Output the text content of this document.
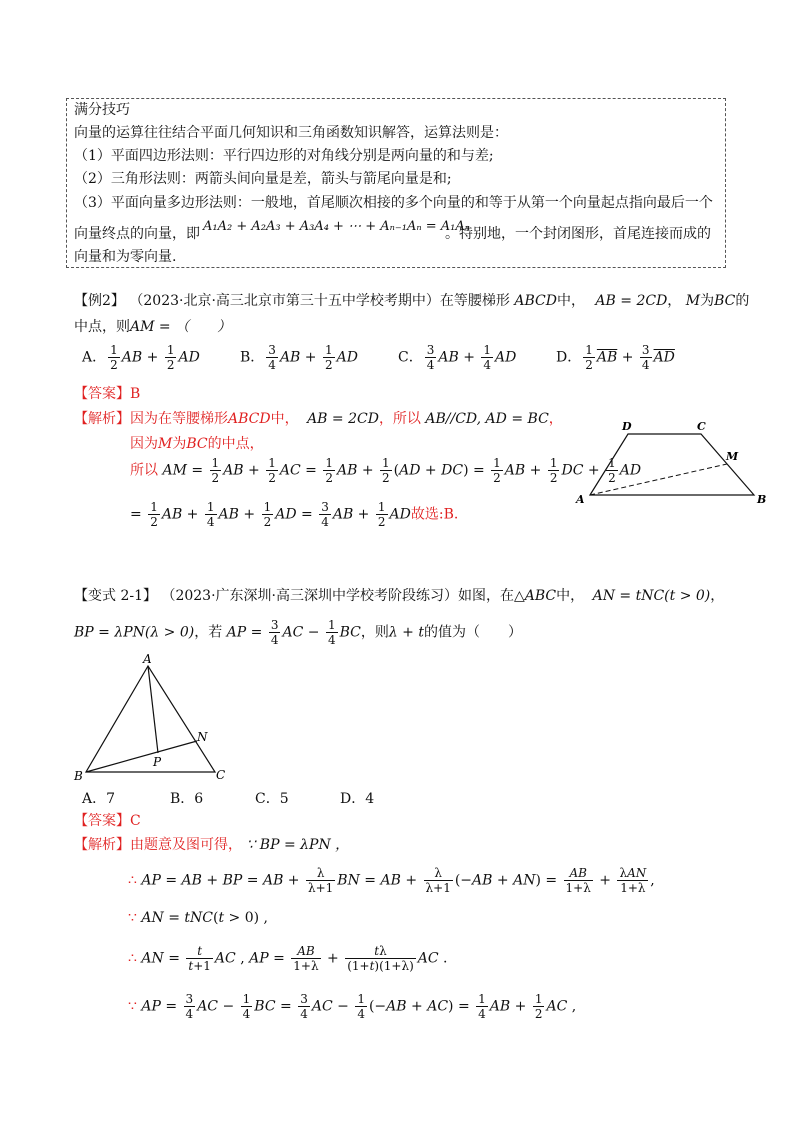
满分技巧
向量的运算往往结合平面几何知识和三角函数知识解答，运算法则是：
（1）平面四边形法则：平行四边形的对角线分别是两向量的和与差;
（2）三角形法则：两箭头间向量是差，箭头与箭尾向量是和;
（3）平面向量多边形法则：一般地，首尾顺次相接的多个向量的和等于从第一个向量起点指向最后一个
向量终点的向量，即 A₁A₂ + A₂A₃ + A₃A₄ + ⋯ + Aₙ₋₁Aₙ = A₁Aₙ
。特别地，一个封闭图形，首尾连接而成的
向量和为零向量.
【例2】 （2023·北京·高三北京市第三十五中学校考期中）在等腰梯形 ABCD中， AB = 2CD， M为BC的
中点，则AM = （　　）
A． $\frac{1}{2}$ AB + $\frac{1}{2}$ AD	B． $\frac{3}{4}$ AB + $\frac{1}{2}$ AD	C． $\frac{3}{4}$ AB + $\frac{1}{4}$ AD	D． $\frac{1}{2} \overline{AB} + \frac{3}{4} \overline{AD}$
【答案】B
【解析】因为在等腰梯形ABCD中， AB = 2CD，所以 AB//CD, AD = BC，
因为M为BC的中点，
所以 AM = $\frac{1}{2}$ AB + $\frac{1}{2}$ AC = $\frac{1}{2}$ AB + $\frac{1}{2} (AD + DC) = \frac{1}{2}$ AB + $\frac{1}{2}$ DC + $\frac{1}{2}$ AD
= $\frac{1}{2}$ AB + $\frac{1}{4}$ AB + $\frac{1}{2}$ AD = $\frac{3}{4}$ AB + $\frac{1}{2}$ AD故选:B.
A	B
C
D
M
【变式 2-1】 （2023·广东深圳·高三深圳中学校考阶段练习）如图，在△ABC中， AN = tNC(t > 0)，
BP = λPN(λ > 0)，若 AP = $\frac{3}{4}$ AC − $\frac{1}{4}$ BC，则λ + t的值为（　　）
A
B	C
N
P
A．7	B．6	C．5	D．4
【答案】C
【解析】由题意及图可得， ∵ BP = λPN ，
∴ AP = AB + BP = AB + $\frac{\lambda}{\lambda+1}$ BN = AB + $\frac{\lambda}{\lambda+1} (-AB + AN) = \frac{AB}{1+\lambda} + \frac{\text{λAN}}{1+\lambda}$ ,
∵ AN = tNC(t > 0) ,
∴ AN = $\frac{t}{t+1}$ AC , AP = $\frac{AB}{1+\lambda} + \frac{t\lambda}{(1+t)(1+\lambda)}$ AC .
∵ AP = $\frac{3}{4}$ AC − $\frac{1}{4}$ BC = $\frac{3}{4}$ AC − $\frac{1}{4} (-AB + AC) = \frac{1}{4}$ AB + $\frac{1}{2}$ AC ,
